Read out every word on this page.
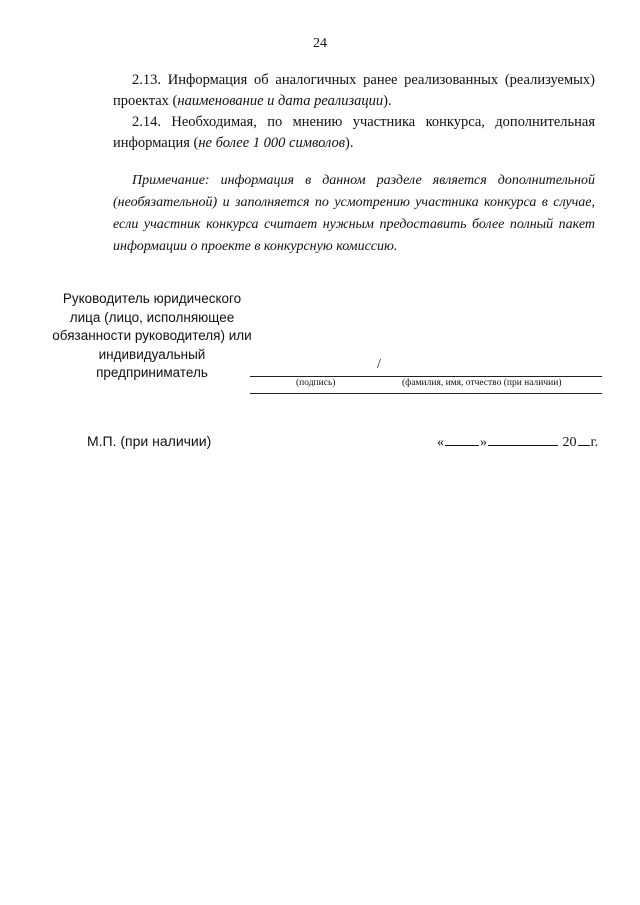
24

2.13. Информация об аналогичных ранее реализованных (реализуемых) проектах (наименование и дата реализации).

2.14. Необходимая, по мнению участника конкурса, дополнительная информация (не более 1 000 символов).

Примечание: информация в данном разделе является дополнительной (необязательной) и заполняется по усмотрению участника конкурса в случае, если участник конкурса считает нужным предоставить более полный пакет информации о проекте в конкурсную комиссию.

Руководитель юридического лица (лицо, исполняющее обязанности руководителя) или индивидуальный предприниматель
/
(подпись)	(фамилия, имя, отчество (при наличии)
М.П. (при наличии)	«	»	20 г.
